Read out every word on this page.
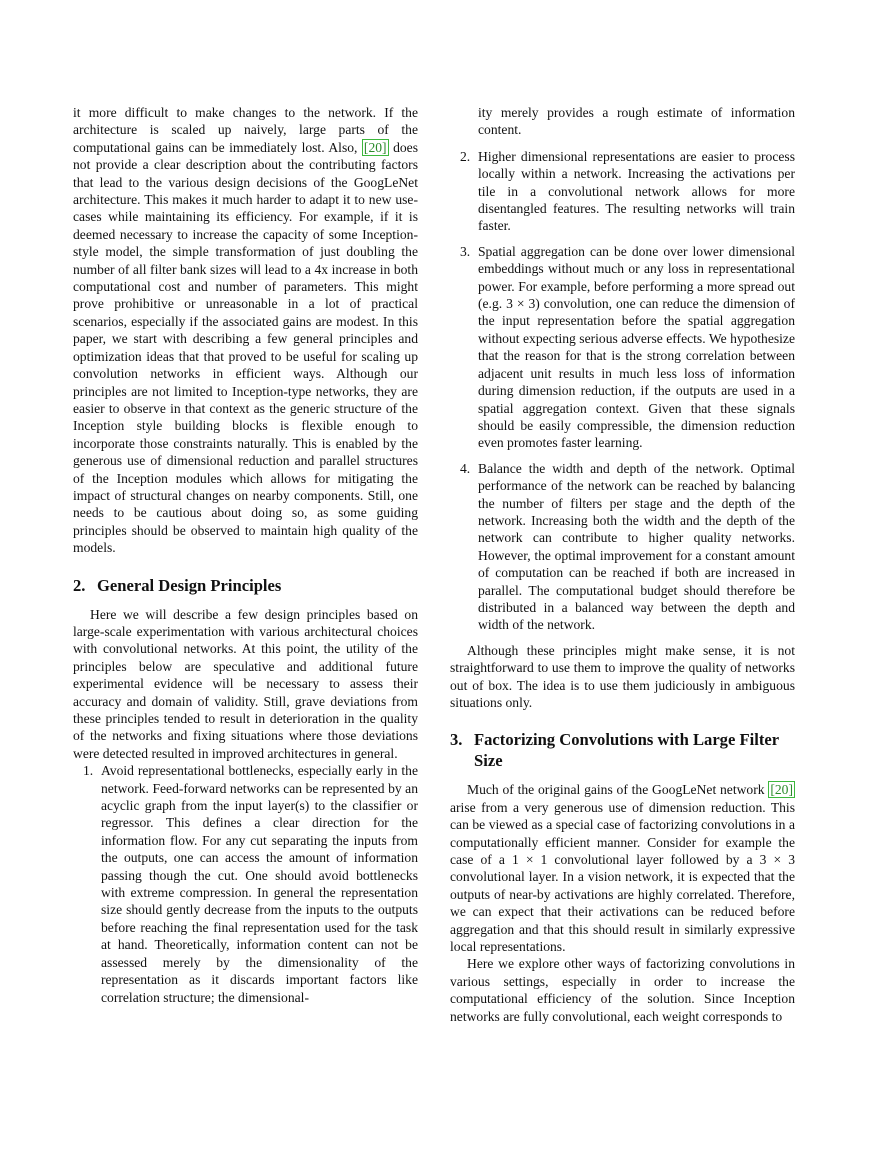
it more difficult to make changes to the network. If the architecture is scaled up naively, large parts of the computational gains can be immediately lost. Also, [20] does not provide a clear description about the contributing factors that lead to the various design decisions of the GoogLeNet architecture. This makes it much harder to adapt it to new use-cases while maintaining its efficiency. For example, if it is deemed necessary to increase the capacity of some Inception-style model, the simple transformation of just doubling the number of all filter bank sizes will lead to a 4x increase in both computational cost and number of parameters. This might prove prohibitive or unreasonable in a lot of practical scenarios, especially if the associated gains are modest. In this paper, we start with describing a few general principles and optimization ideas that that proved to be useful for scaling up convolution networks in efficient ways. Although our principles are not limited to Inception-type networks, they are easier to observe in that context as the generic structure of the Inception style building blocks is flexible enough to incorporate those constraints naturally. This is enabled by the generous use of dimensional reduction and parallel structures of the Inception modules which allows for mitigating the impact of structural changes on nearby components. Still, one needs to be cautious about doing so, as some guiding principles should be observed to maintain high quality of the models.

2. General Design Principles

Here we will describe a few design principles based on large-scale experimentation with various architectural choices with convolutional networks. At this point, the utility of the principles below are speculative and additional future experimental evidence will be necessary to assess their accuracy and domain of validity. Still, grave deviations from these principles tended to result in deterioration in the quality of the networks and fixing situations where those deviations were detected resulted in improved architectures in general.

1. Avoid representational bottlenecks, especially early in the network. Feed-forward networks can be represented by an acyclic graph from the input layer(s) to the classifier or regressor. This defines a clear direction for the information flow. For any cut separating the inputs from the outputs, one can access the amount of information passing though the cut. One should avoid bottlenecks with extreme compression. In general the representation size should gently decrease from the inputs to the outputs before reaching the final representation used for the task at hand. Theoretically, information content can not be assessed merely by the dimensionality of the representation as it discards important factors like correlation structure; the dimensional-
ity merely provides a rough estimate of information content.
2. Higher dimensional representations are easier to process locally within a network. Increasing the activations per tile in a convolutional network allows for more disentangled features. The resulting networks will train faster.
3. Spatial aggregation can be done over lower dimensional embeddings without much or any loss in representational power. For example, before performing a more spread out (e.g. 3 × 3) convolution, one can reduce the dimension of the input representation before the spatial aggregation without expecting serious adverse effects. We hypothesize that the reason for that is the strong correlation between adjacent unit results in much less loss of information during dimension reduction, if the outputs are used in a spatial aggregation context. Given that these signals should be easily compressible, the dimension reduction even promotes faster learning.
4. Balance the width and depth of the network. Optimal performance of the network can be reached by balancing the number of filters per stage and the depth of the network. Increasing both the width and the depth of the network can contribute to higher quality networks. However, the optimal improvement for a constant amount of computation can be reached if both are increased in parallel. The computational budget should therefore be distributed in a balanced way between the depth and width of the network.

Although these principles might make sense, it is not straightforward to use them to improve the quality of networks out of box. The idea is to use them judiciously in ambiguous situations only.

3. Factorizing Convolutions with Large Filter Size

Much of the original gains of the GoogLeNet network [20] arise from a very generous use of dimension reduction. This can be viewed as a special case of factorizing convolutions in a computationally efficient manner. Consider for example the case of a 1 × 1 convolutional layer followed by a 3 × 3 convolutional layer. In a vision network, it is expected that the outputs of near-by activations are highly correlated. Therefore, we can expect that their activations can be reduced before aggregation and that this should result in similarly expressive local representations.

Here we explore other ways of factorizing convolutions in various settings, especially in order to increase the computational efficiency of the solution. Since Inception networks are fully convolutional, each weight corresponds to
